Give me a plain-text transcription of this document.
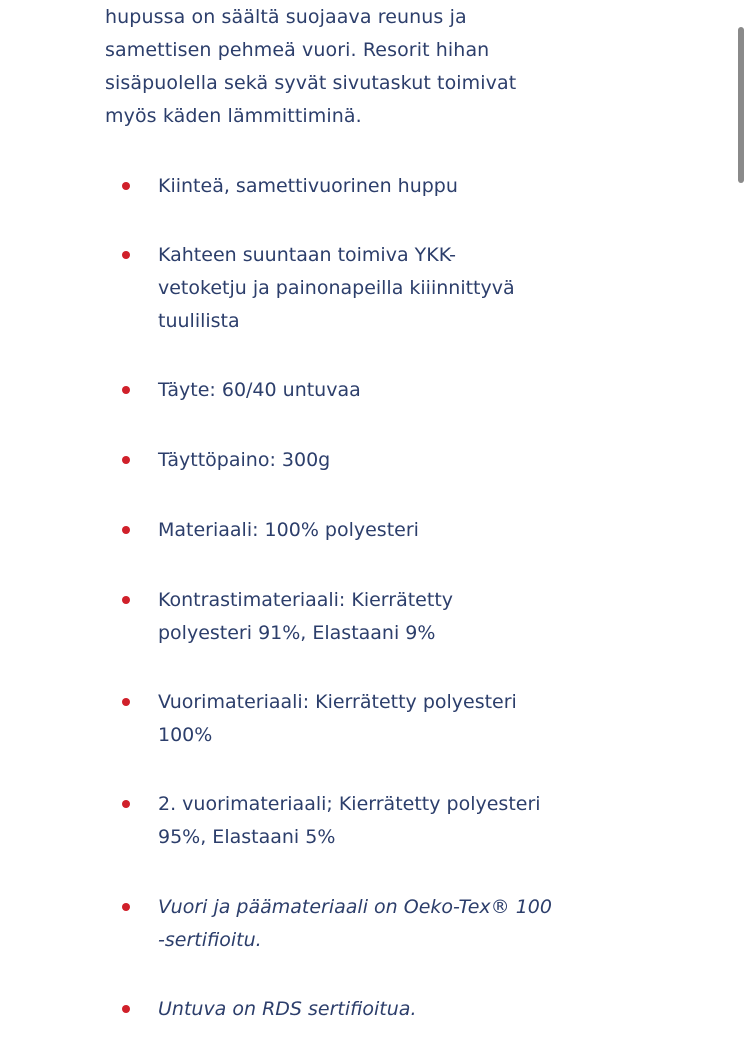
hupussa on säältä suojaava reunus ja samettisen pehmeä vuori. Resorit hihan sisäpuolella sekä syvät sivutaskut toimivat myös käden lämmittiminä.

Kiinteä, samettivuorinen huppu
Kahteen suuntaan toimiva YKK-vetoketju ja painonapeilla kiiinnittyvä tuulilista
Täyte: 60/40 untuvaa
Täyttöpaino: 300g
Materiaali: 100% polyesteri
Kontrastimateriaali: Kierrätetty polyesteri 91%, Elastaani 9%
Vuorimateriaali: Kierrätetty polyesteri 100%
2. vuorimateriaali; Kierrätetty polyesteri 95%, Elastaani 5%
Vuori ja päämateriaali on Oeko-Tex® 100 -sertifioitu.
Untuva on RDS sertifioitua.
